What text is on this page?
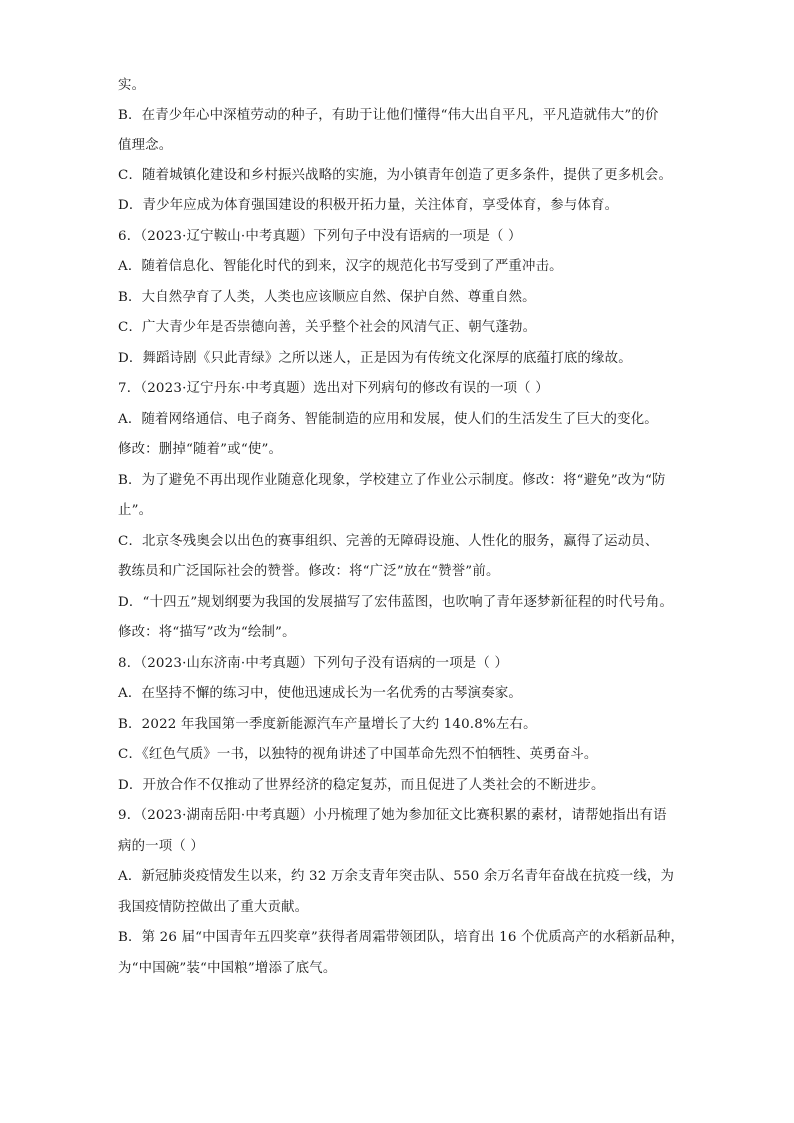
实。
B．在青少年心中深植劳动的种子，有助于让他们懂得“伟大出自平凡，平凡造就伟大”的价
值理念。
C．随着城镇化建设和乡村振兴战略的实施，为小镇青年创造了更多条件，提供了更多机会。
D．青少年应成为体育强国建设的积极开拓力量，关注体育，享受体育，参与体育。
6．（2023·辽宁鞍山·中考真题）下列句子中没有语病的一项是（ ）
A．随着信息化、智能化时代的到来，汉字的规范化书写受到了严重冲击。
B．大自然孕育了人类，人类也应该顺应自然、保护自然、尊重自然。
C．广大青少年是否崇德向善，关乎整个社会的风清气正、朝气蓬勃。
D．舞蹈诗剧《只此青绿》之所以迷人，正是因为有传统文化深厚的底蕴打底的缘故。
7．（2023·辽宁丹东·中考真题）选出对下列病句的修改有误的一项（ ）
A．随着网络通信、电子商务、智能制造的应用和发展，使人们的生活发生了巨大的变化。
修改：删掉“随着”或“使”。
B．为了避免不再出现作业随意化现象，学校建立了作业公示制度。修改：将“避免”改为“防
止”。
C．北京冬残奥会以出色的赛事组织、完善的无障碍设施、人性化的服务，赢得了运动员、
教练员和广泛国际社会的赞誉。修改：将“广泛”放在“赞誉”前。
D．“十四五”规划纲要为我国的发展描写了宏伟蓝图，也吹响了青年逐梦新征程的时代号角。
修改：将“描写”改为“绘制”。
8．（2023·山东济南·中考真题）下列句子没有语病的一项是（ ）
A．在坚持不懈的练习中，使他迅速成长为一名优秀的古琴演奏家。
B．2022 年我国第一季度新能源汽车产量增长了大约 140.8%左右。
C．《红色气质》一书，以独特的视角讲述了中国革命先烈不怕牺牲、英勇奋斗。
D．开放合作不仅推动了世界经济的稳定复苏，而且促进了人类社会的不断进步。
9．（2023·湖南岳阳·中考真题）小丹梳理了她为参加征文比赛积累的素材，请帮她指出有语
病的一项（ ）
A．新冠肺炎疫情发生以来，约 32 万余支青年突击队、550 余万名青年奋战在抗疫一线，为
我国疫情防控做出了重大贡献。
B．第 26 届“中国青年五四奖章”获得者周霜带领团队，培育出 16 个优质高产的水稻新品种，
为“中国碗”装“中国粮”增添了底气。
